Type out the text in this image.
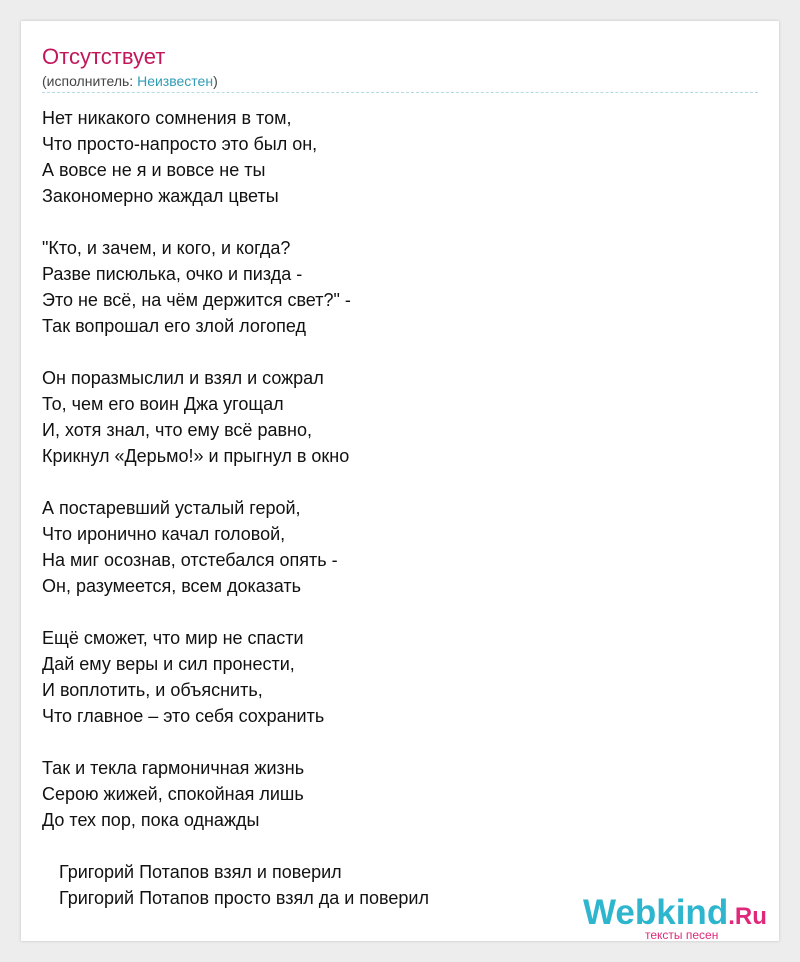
Отсутствует
(исполнитель: Неизвестен)
Нет никакого сомнения в том,
Что просто-напросто это был он,
А вовсе не я и вовсе не ты
Закономерно жаждал цветы
"Кто, и зачем, и кого, и когда?
Разве писюлька, очко и пизда -
Это не всё, на чём держится свет?" -
Так вопрошал его злой логопед
Он поразмыслил и взял и сожрал
То, чем его воин Джа угощал
И, хотя знал, что ему всё равно,
Крикнул «Дерьмо!» и прыгнул в окно
А постаревший усталый герой,
Что иронично качал головой,
На миг осознав, отстебался опять -
Он, разумеется, всем доказать
Ещё сможет, что мир не спасти
Дай ему веры и сил пронести,
И воплотить, и объяснить,
Что главное – это себя сохранить
Так и текла гармоничная жизнь
Серою жижей, спокойная лишь
До тех пор, пока однажды
Григорий Потапов взял и поверил
Григорий Потапов просто взял да и поверил	Webkind.Ru
тексты песен
